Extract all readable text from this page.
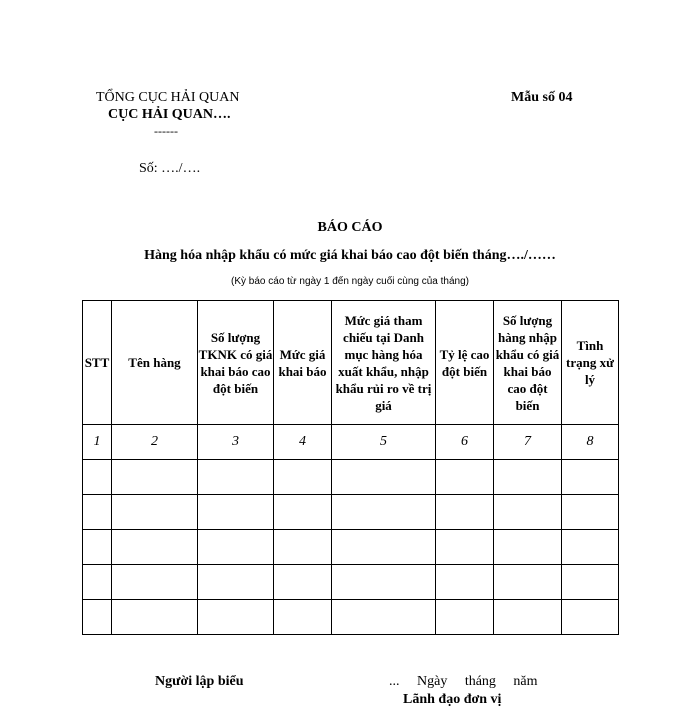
TỔNG CỤC HẢI QUAN
CỤC HẢI QUAN….
------
Mẫu số 04
Số: …./….
BÁO CÁO
Hàng hóa nhập khẩu có mức giá khai báo cao đột biến tháng…./……
(Kỳ báo cáo từ ngày 1 đến ngày cuối cùng của tháng)
STT	Tên hàng	Số lượng TKNK có giá khai báo cao đột biến	Mức giá khai báo	Mức giá tham chiếu tại Danh mục hàng hóa xuất khẩu, nhập khẩu rủi ro về trị giá	Tỷ lệ cao đột biến	Số lượng hàng nhập khẩu có giá khai báo cao đột biến	Tình trạng xử lý
1	2	3	4	5	6	7	8

Người lập biểu	... Ngày tháng năm
Lãnh đạo đơn vị
